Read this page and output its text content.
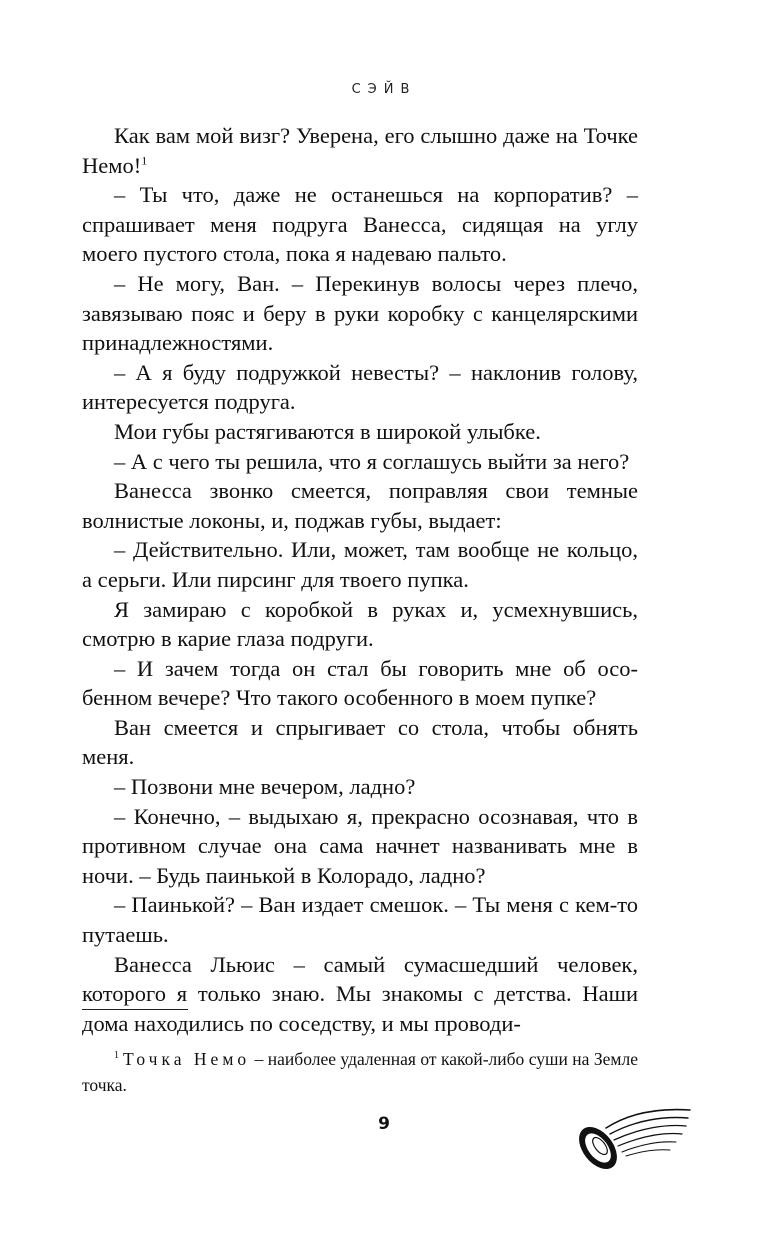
СЭЙВ

Как вам мой визг? Уверена, его слышно даже на Точке Немо!$^1$

– Ты что, даже не останешься на корпоратив? – спрашивает меня подруга Ванесса, сидящая на углу моего пустого стола, пока я надеваю пальто.

– Не могу, Ван. – Перекинув волосы через плечо, завязываю пояс и беру в руки коробку с канцелярскими принадлежностями.

– А я буду подружкой невесты? – наклонив голову, интересуется подруга.

Мои губы растягиваются в широкой улыбке.

– А с чего ты решила, что я соглашусь выйти за него?

Ванесса звонко смеется, поправляя свои темные волнистые локоны, и, поджав губы, выдает:

– Действительно. Или, может, там вообще не кольцо, а серьги. Или пирсинг для твоего пупка.

Я замираю с коробкой в руках и, усмехнувшись, смотрю в карие глаза подруги.

– И зачем тогда он стал бы говорить мне об особенном вечере? Что такого особенного в моем пупке?

Ван смеется и спрыгивает со стола, чтобы обнять меня.

– Позвони мне вечером, ладно?

– Конечно, – выдыхаю я, прекрасно осознавая, что в противном случае она сама начнет названивать мне в ночи. – Будь паинькой в Колорадо, ладно?

– Паинькой? – Ван издает смешок. – Ты меня с кем-то путаешь.

Ванесса Льюис – самый сумасшедший человек, которого я только знаю. Мы знакомы с детства. Наши дома находились по соседству, и мы проводи-

$^1$ Точка Немо – наиболее удаленная от какой-либо суши на Земле точка.
9
